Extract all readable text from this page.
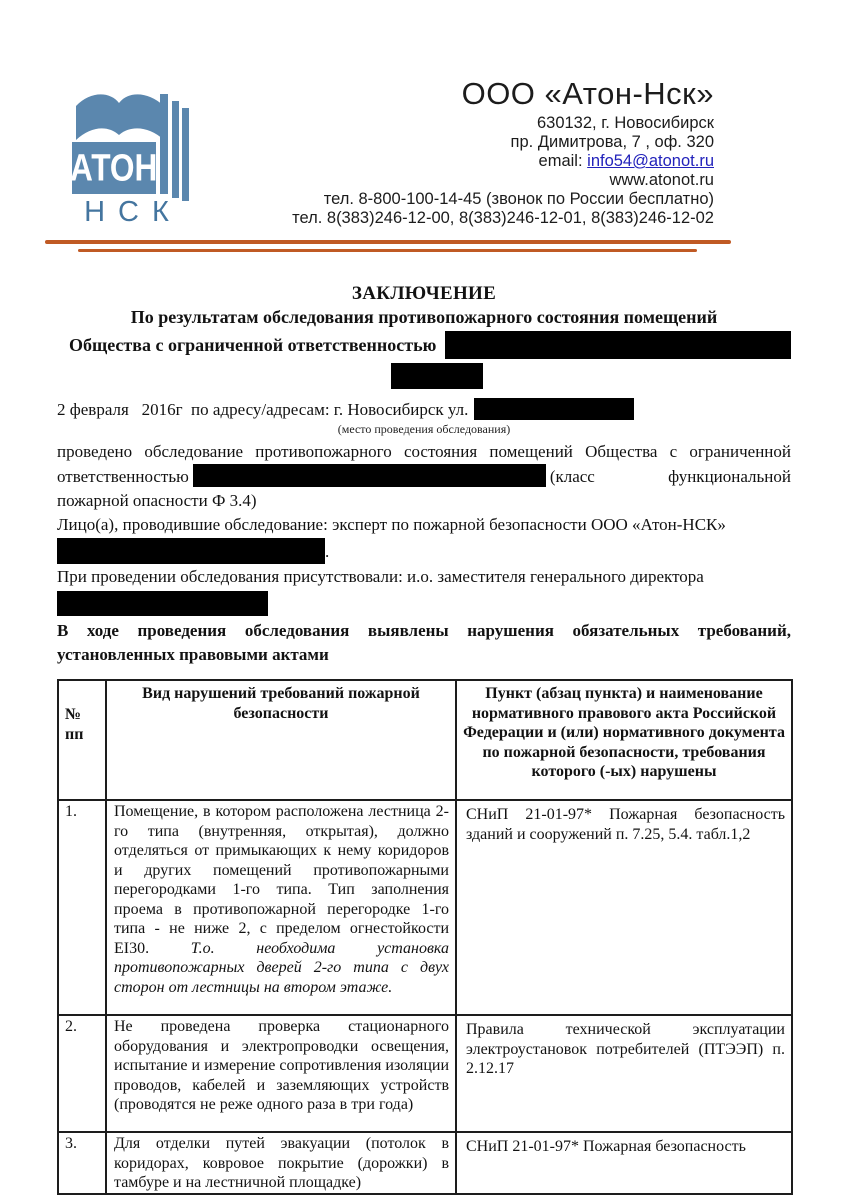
АТОН
НСК
ООО «Атон-Нск»
630132, г. Новосибирск
пр. Димитрова, 7 , оф. 320
email: info54@atonot.ru
www.atonot.ru
тел. 8-800-100-14-45 (звонок по России бесплатно)
тел. 8(383)246-12-00, 8(383)246-12-01, 8(383)246-12-02
ЗАКЛЮЧЕНИЕ
По результатам обследования противопожарного состояния помещений
Общества с ограниченной ответственностью
2 февраля   2016г  по адресу/адресам: г. Новосибирск ул.
(место проведения обследования)
проведено обследование противопожарного состояния помещений Общества с ограниченной ответственностью	(класс функциональной пожарной опасности Ф 3.4)
Лицо(а), проводившие обследование: эксперт по пожарной безопасности ООО «Атон-НСК»
.
При проведении обследования присутствовали: и.о. заместителя генерального директора
В ходе проведения обследования выявлены нарушения обязательных требований, установленных правовыми актами
№ пп	Вид нарушений требований пожарной безопасности	Пункт (абзац пункта) и наименование нормативного правового акта Российской Федерации и (или) нормативного документа по пожарной безопасности, требования которого (-ых) нарушены
1.	Помещение, в котором расположена лестница 2-го типа (внутренняя, открытая), должно отделяться от примыкающих к нему коридоров и других помещений противопожарными перегородками 1-го типа. Тип заполнения проема в противопожарной перегородке 1-го типа - не ниже 2, с пределом огнестойкости EI30. Т.о. необходима установка противопожарных дверей 2-го типа с двух сторон от лестницы на втором этаже.	СНиП 21-01-97* Пожарная безопасность зданий и сооружений п. 7.25, 5.4. табл.1,2
2.	Не проведена проверка стационарного оборудования и электропроводки освещения, испытание и измерение сопротивления изоляции проводов, кабелей и заземляющих устройств (проводятся не реже одного раза в три года)	Правила технической эксплуатации электроустановок потребителей (ПТЭЭП) п. 2.12.17
3.	Для отделки путей эвакуации (потолок в коридорах, ковровое покрытие (дорожки) в тамбуре и на лестничной площадке)	СНиП 21-01-97* Пожарная безопасность
